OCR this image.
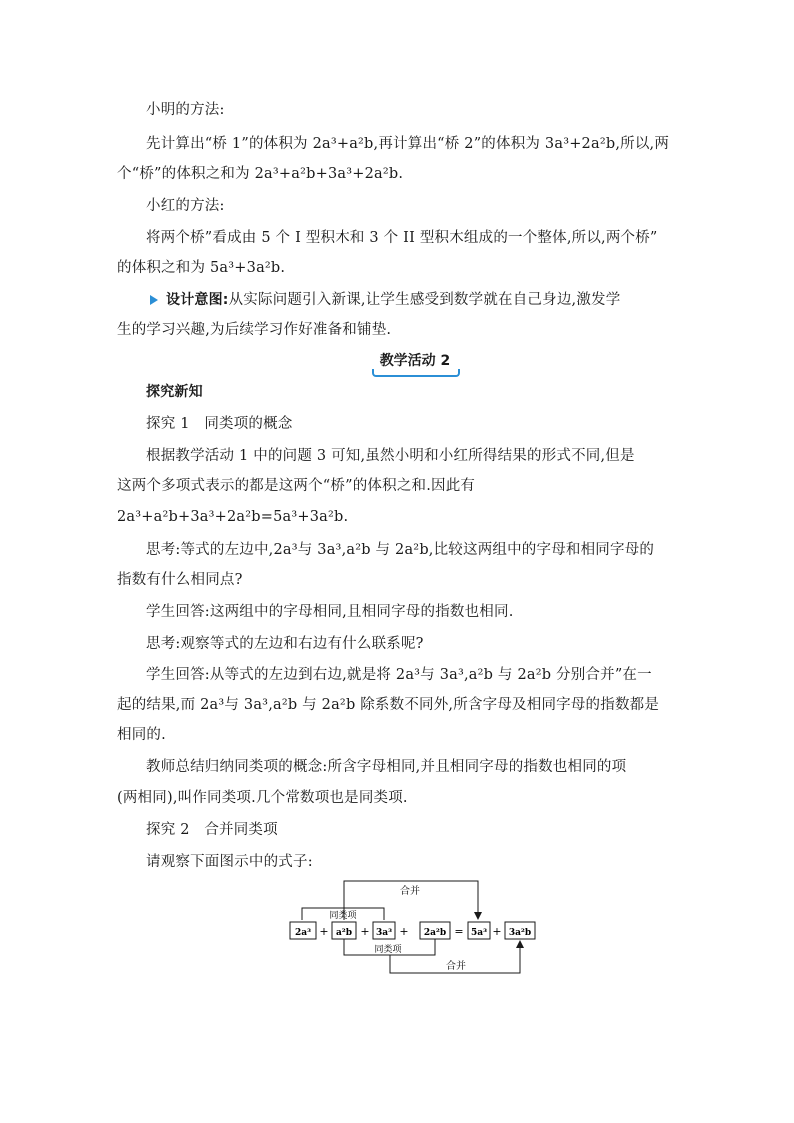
小明的方法:
先计算出“桥 1”的体积为 2a³+a²b,再计算出“桥 2”的体积为 3a³+2a²b,所以,两
个“桥”的体积之和为 2a³+a²b+3a³+2a²b.
小红的方法:
将两个桥”看成由 5 个 I 型积木和 3 个 II 型积木组成的一个整体,所以,两个桥”
的体积之和为 5a³+3a²b.
设计意图:从实际问题引入新课,让学生感受到数学就在自己身边,激发学
生的学习兴趣,为后续学习作好准备和铺垫.
教学活动 2
探究新知
探究 1　同类项的概念
根据教学活动 1 中的问题 3 可知,虽然小明和小红所得结果的形式不同,但是
这两个多项式表示的都是这两个“桥”的体积之和.因此有
2a³+a²b+3a³+2a²b=5a³+3a²b.
思考:等式的左边中,2a³与 3a³,a²b 与 2a²b,比较这两组中的字母和相同字母的
指数有什么相同点?
学生回答:这两组中的字母相同,且相同字母的指数也相同.
思考:观察等式的左边和右边有什么联系呢?
学生回答:从等式的左边到右边,就是将 2a³与 3a³,a²b 与 2a²b 分别合并”在一
起的结果,而 2a³与 3a³,a²b 与 2a²b 除系数不同外,所含字母及相同字母的指数都是
相同的.
教师总结归纳同类项的概念:所含字母相同,并且相同字母的指数也相同的项
(两相同),叫作同类项.几个常数项也是同类项.
探究 2　合并同类项
请观察下面图示中的式子:
合并
同类项
2a³ + a²b + 3a³ + 2a²b = 5a³ + 3a²b
同类项
合并
